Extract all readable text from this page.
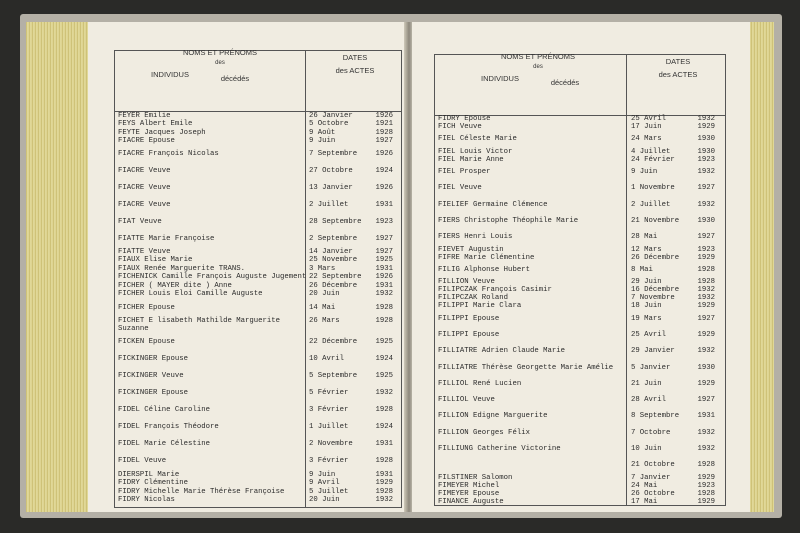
NOMS ET PRÉNOMS
des
INDIVIDUS	décédés
DATES
des ACTES
FEYER Emilie	26 Janvier	1926
FEYS Albert Emile	5 Octobre	1921
FEYTE Jacques Joseph	9 Août	1928
FIACRE Epouse	9 Juin	1927
FIACRE François Nicolas	7 Septembre	1926
FIACRE Veuve	27 Octobre	1924
FIACRE Veuve	13 Janvier	1926
FIACRE Veuve	2 Juillet	1931
FIAT Veuve	28 Septembre 1923
FIATTE Marie Françoise	2 Septembre	1927
FIATTE Veuve	14 Janvier	1927
FIAUX Elise Marie	25 Novembre	1925
FIAUX Renée Marguerite TRANS.	3 Mars	1931
FICHENICK Camille François Auguste Jugement 22 Septembre 1926
FICHER ( MAYER dite ) Anne	26 Décembre	1931
FICHER Louis Eloi Camille Auguste	20 Juin	1932
FICHER Epouse	14 Mai	1928
FICHET E lisabeth Mathilde Marguerite	26 Mars	1928
Suzanne
FICKEN Epouse	22 Décembre	1925
FICKINGER Epouse	10 Avril	1924
FICKINGER Veuve	5 Septembre	1925
FICKINGER Epouse	5 Février	1932
FIDEL Céline Caroline	3 Février	1928
FIDEL François Théodore	1 Juillet	1924
FIDEL Marie Célestine	2 Novembre	1931
FIDEL Veuve	3 Février	1928
DIERSPIL Marie	9 Juin	1931
FIDRY Clémentine	9 Avril	1929
FIDRY Michelle Marie Thérèse Françoise	5 Juillet	1928
FIDRY Nicolas	20 Juin	1932
NOMS ET PRÉNOMS
des
INDIVIDUS	décédés
DATES
des ACTES
FIDRY Epouse	25 Avril	1932
FICH Veuve	17 Juin	1929
FIEL Céleste Marie	24 Mars	1930
FIEL Louis Victor	4 Juillet	1930
FIEL Marie Anne	24 Février	1923
FIEL Prosper	9 Juin	1932
FIEL Veuve	1 Novembre	1927
FIELIEF Germaine Clémence	2 Juillet	1932
FIERS Christophe Théophile Marie	21 Novembre	1930
FIERS Henri Louis	28 Mai	1927
FIEVET Augustin	12 Mars	1923
FIFRE Marie Clémentine	26 Décembre	1929
FILIG Alphonse Hubert	8 Mai	1928
FILLION Veuve	29 Juin	1928
FILIPCZAK François Casimir	16 Décembre	1932
FILIPCZAK Roland	7 Novembre	1932
FILIPPI Marie Clara	18 Juin	1929
FILIPPI Epouse	19 Mars	1927
FILIPPI Epouse	25 Avril	1929
FILLIATRE Adrien Claude Marie	29 Janvier	1932
FILLIATRE Thérèse Georgette Marie Amélie 5 Janvier	1930
FILLIOL René Lucien	21 Juin	1929
FILLIOL Veuve	28 Avril	1927
FILLION Edigne Marguerite	8 Septembre	1931
FILLION Georges Félix	7 Octobre	1932
FILLIUNG Catherine Victorine	10 Juin	1932
21 Octobre	1928
FILSTINER Salomon	7 Janvier	1929
FIMEYER Michel	24 Mai	1923
FIMEYER Epouse	26 Octobre	1928
FINANCE Auguste	17 Mai	1929
